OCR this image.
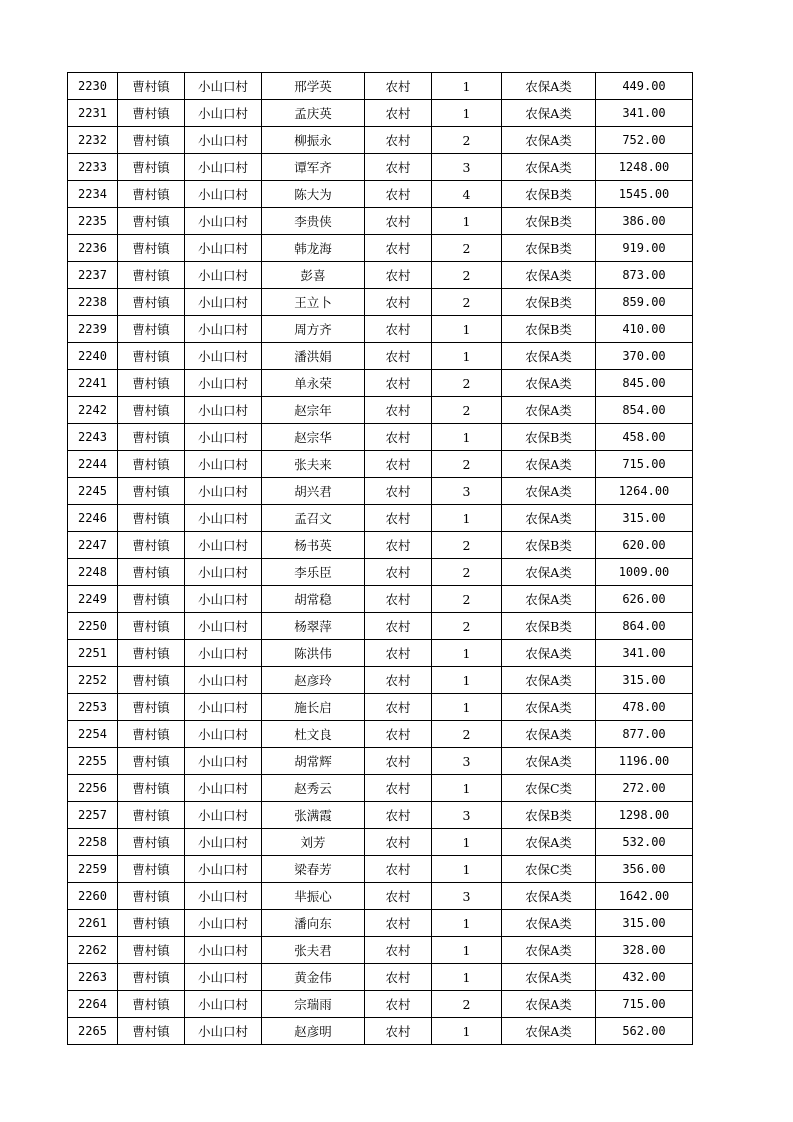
2230	曹村镇	小山口村	邢学英	农村	1	农保A类	449.00
2231	曹村镇	小山口村	孟庆英	农村	1	农保A类	341.00
2232	曹村镇	小山口村	柳振永	农村	2	农保A类	752.00
2233	曹村镇	小山口村	谭军齐	农村	3	农保A类	1248.00
2234	曹村镇	小山口村	陈大为	农村	4	农保B类	1545.00
2235	曹村镇	小山口村	李贵侠	农村	1	农保B类	386.00
2236	曹村镇	小山口村	韩龙海	农村	2	农保B类	919.00
2237	曹村镇	小山口村	彭喜	农村	2	农保A类	873.00
2238	曹村镇	小山口村	王立卜	农村	2	农保B类	859.00
2239	曹村镇	小山口村	周方齐	农村	1	农保B类	410.00
2240	曹村镇	小山口村	潘洪娟	农村	1	农保A类	370.00
2241	曹村镇	小山口村	单永荣	农村	2	农保A类	845.00
2242	曹村镇	小山口村	赵宗年	农村	2	农保A类	854.00
2243	曹村镇	小山口村	赵宗华	农村	1	农保B类	458.00
2244	曹村镇	小山口村	张夫来	农村	2	农保A类	715.00
2245	曹村镇	小山口村	胡兴君	农村	3	农保A类	1264.00
2246	曹村镇	小山口村	孟召文	农村	1	农保A类	315.00
2247	曹村镇	小山口村	杨书英	农村	2	农保B类	620.00
2248	曹村镇	小山口村	李乐臣	农村	2	农保A类	1009.00
2249	曹村镇	小山口村	胡常稳	农村	2	农保A类	626.00
2250	曹村镇	小山口村	杨翠萍	农村	2	农保B类	864.00
2251	曹村镇	小山口村	陈洪伟	农村	1	农保A类	341.00
2252	曹村镇	小山口村	赵彦玲	农村	1	农保A类	315.00
2253	曹村镇	小山口村	施长启	农村	1	农保A类	478.00
2254	曹村镇	小山口村	杜文良	农村	2	农保A类	877.00
2255	曹村镇	小山口村	胡常辉	农村	3	农保A类	1196.00
2256	曹村镇	小山口村	赵秀云	农村	1	农保C类	272.00
2257	曹村镇	小山口村	张满霞	农村	3	农保B类	1298.00
2258	曹村镇	小山口村	刘芳	农村	1	农保A类	532.00
2259	曹村镇	小山口村	梁春芳	农村	1	农保C类	356.00
2260	曹村镇	小山口村	芈振心	农村	3	农保A类	1642.00
2261	曹村镇	小山口村	潘向东	农村	1	农保A类	315.00
2262	曹村镇	小山口村	张夫君	农村	1	农保A类	328.00
2263	曹村镇	小山口村	黄金伟	农村	1	农保A类	432.00
2264	曹村镇	小山口村	宗瑞雨	农村	2	农保A类	715.00
2265	曹村镇	小山口村	赵彦明	农村	1	农保A类	562.00
